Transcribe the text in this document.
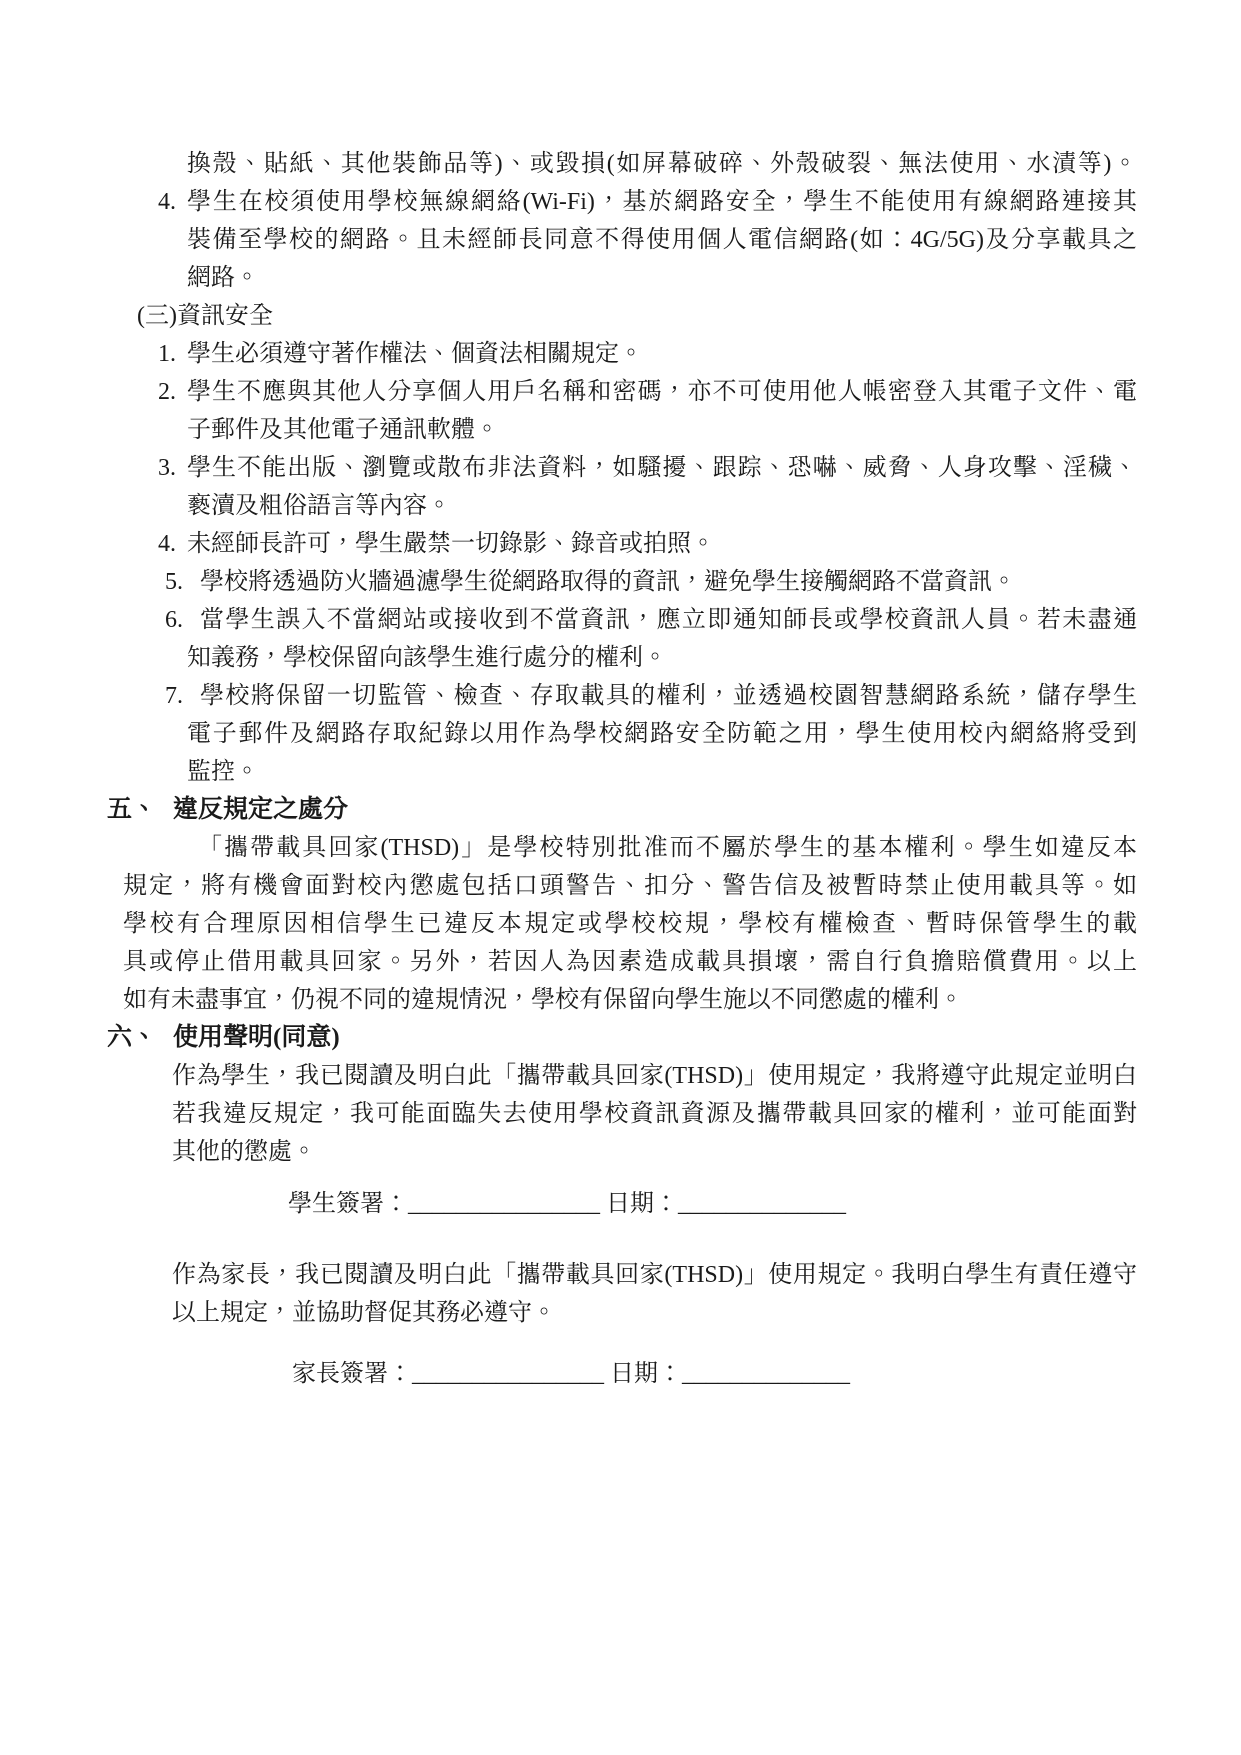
換殼、貼紙、其他裝飾品等)、或毀損(如屏幕破碎、外殼破裂、無法使用、水漬等)。
4. 學生在校須使用學校無線網絡(Wi-Fi)，基於網路安全，學生不能使用有線網路連接其
裝備至學校的網路。且未經師長同意不得使用個人電信網路(如：4G/5G)及分享載具之
網路。
(三)資訊安全
1. 學生必須遵守著作權法、個資法相關規定。
2. 學生不應與其他人分享個人用戶名稱和密碼，亦不可使用他人帳密登入其電子文件、電
子郵件及其他電子通訊軟體。
3. 學生不能出版、瀏覽或散布非法資料，如騷擾、跟踪、恐嚇、威脅、人身攻擊、淫穢、
褻瀆及粗俗語言等內容。
4. 未經師長許可，學生嚴禁一切錄影、錄音或拍照。
5. 學校將透過防火牆過濾學生從網路取得的資訊，避免學生接觸網路不當資訊。
6. 當學生誤入不當網站或接收到不當資訊，應立即通知師長或學校資訊人員。若未盡通
知義務，學校保留向該學生進行處分的權利。
7. 學校將保留一切監管、檢查、存取載具的權利，並透過校園智慧網路系統，儲存學生
電子郵件及網路存取紀錄以用作為學校網路安全防範之用，學生使用校內網絡將受到
監控。
五、 違反規定之處分
「攜帶載具回家(THSD)」是學校特別批准而不屬於學生的基本權利。學生如違反本
規定，將有機會面對校內懲處包括口頭警告、扣分、警告信及被暫時禁止使用載具等。如
學校有合理原因相信學生已違反本規定或學校校規，學校有權檢查、暫時保管學生的載
具或停止借用載具回家。另外，若因人為因素造成載具損壞，需自行負擔賠償費用。以上
如有未盡事宜，仍視不同的違規情況，學校有保留向學生施以不同懲處的權利。
六、 使用聲明(同意)
作為學生，我已閱讀及明白此「攜帶載具回家(THSD)」使用規定，我將遵守此規定並明白
若我違反規定，我可能面臨失去使用學校資訊資源及攜帶載具回家的權利，並可能面對
其他的懲處。
學生簽署：________________ 日期：______________
作為家長，我已閱讀及明白此「攜帶載具回家(THSD)」使用規定。我明白學生有責任遵守
以上規定，並協助督促其務必遵守。
家長簽署：________________ 日期：______________
